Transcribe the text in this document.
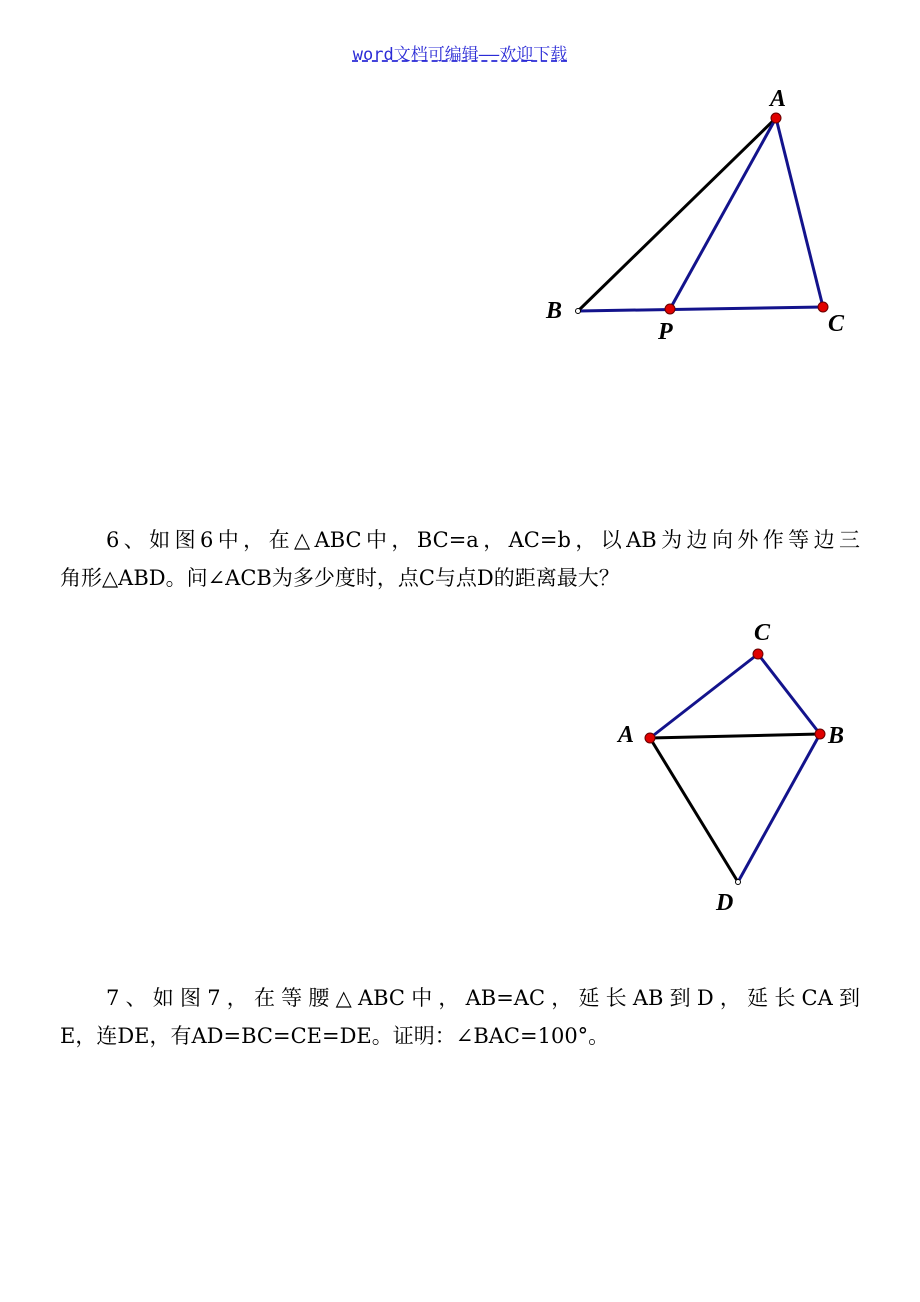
word文档可编辑——欢迎下载
A
B
P	C
C
A	B
D
6、如图6中，在△ABC中，BC=a，AC=b，以AB为边向外作等边三
角形△ABD。问∠ACB为多少度时，点C与点D的距离最大？
7、如图7，在等腰△ABC中，AB=AC，延长AB到D，延长CA到
E，连DE，有AD=BC=CE=DE。证明：∠BAC=100°。
